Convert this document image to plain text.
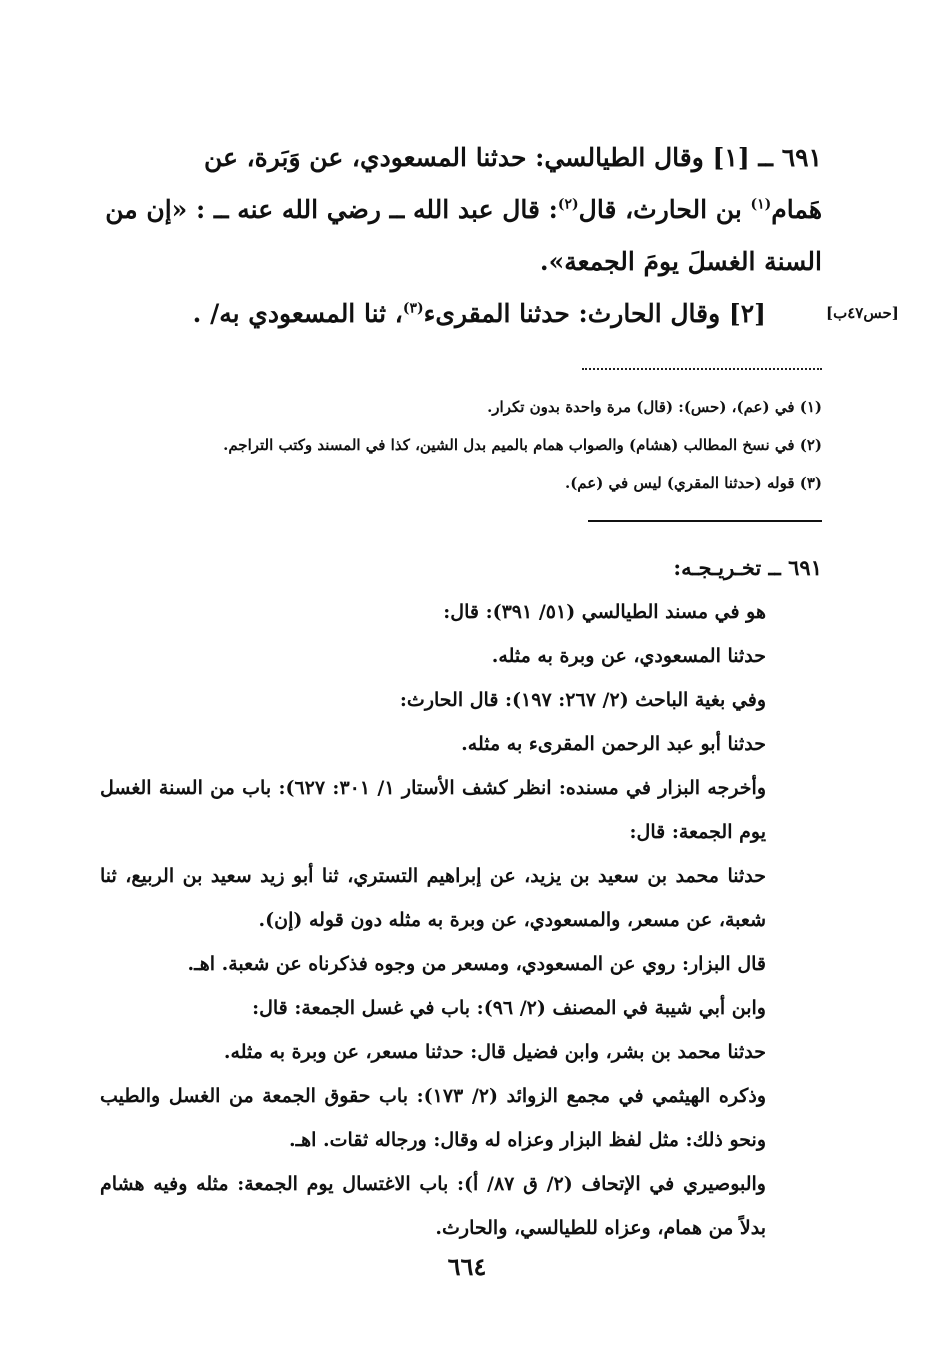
٦٩١ ــ [١] وقال الطيالسي: حدثنا المسعودي، عن وَبَرة، عن

هَمام$^{(١)}$ بن الحارث، قال$^{(٢)}$: قال عبد الله ــ رضي الله عنه ــ : «إن من

السنة الغسلَ يومَ الجمعة».

[٢] وقال الحارث: حدثنا المقرىء$^{(٣)}$، ثنا المسعودي به/ .	[حس٤٧ب]

(١) في (عم)، (حس): (قال) مرة واحدة بدون تكرار.

(٢) في نسخ المطالب (هشام) والصواب همام بالميم بدل الشين، كذا في المسند وكتب التراجم.

(٣) قوله (حدثنا المقري) ليس في (عم).

٦٩١ ــ تخـريـجـه:

هو في مسند الطيالسي (٥١/ ٣٩١): قال:

حدثنا المسعودي، عن وبرة به مثله.

وفي بغية الباحث (٢/ ٢٦٧: ١٩٧): قال الحارث:

حدثنا أبو عبد الرحمن المقرىء به مثله.

وأخرجه البزار في مسنده: انظر كشف الأستار ١/ ٣٠١: ٦٢٧): باب من السنة الغسل يوم الجمعة: قال:

حدثنا محمد بن سعيد بن يزيد، عن إبراهيم التستري، ثنا أبو زيد سعيد بن الربيع، ثنا شعبة، عن مسعر، والمسعودي، عن وبرة به مثله دون قوله (إن).

قال البزار: روي عن المسعودي، ومسعر من وجوه فذكرناه عن شعبة. اهـ.

وابن أبي شيبة في المصنف (٢/ ٩٦): باب في غسل الجمعة: قال:

حدثنا محمد بن بشر، وابن فضيل قال: حدثنا مسعر، عن وبرة به مثله.

وذكره الهيثمي في مجمع الزوائد (٢/ ١٧٣): باب حقوق الجمعة من الغسل والطيب ونحو ذلك: مثل لفظ البزار وعزاه له وقال: ورجاله ثقات. اهـ.

والبوصيري في الإتحاف (٢/ ق ٨٧/ أ): باب الاغتسال يوم الجمعة: مثله وفيه هشام بدلاً من همام، وعزاه للطيالسي، والحارث.

٦٦٤
